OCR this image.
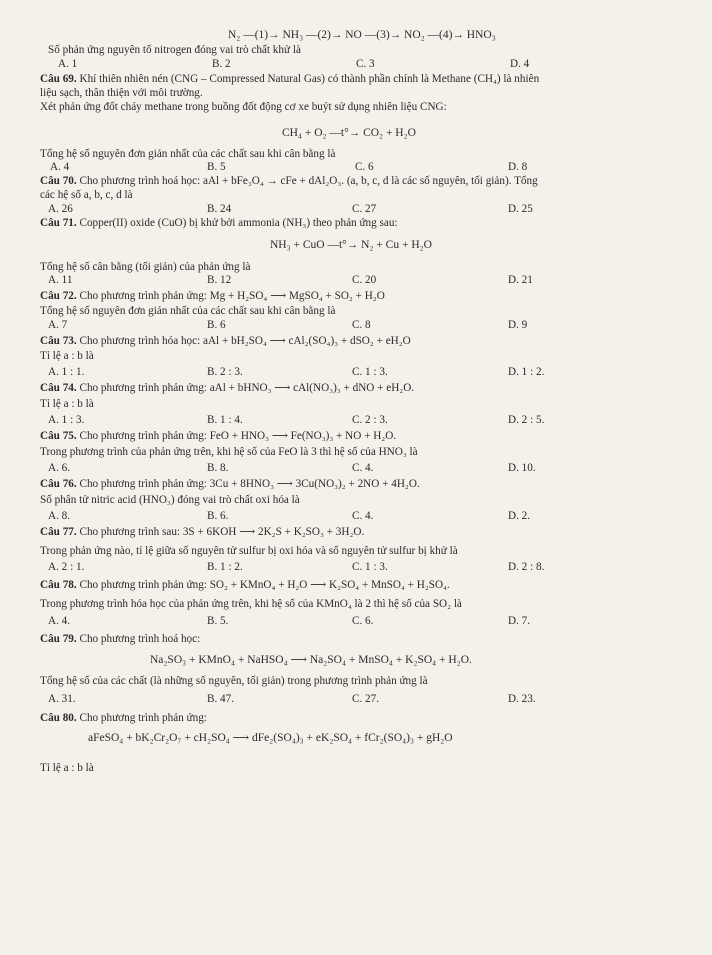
N₂ —(1)→ NH₃ —(2)→ NO —(3)→ NO₂ —(4)→ HNO₃
Số phản ứng nguyên tố nitrogen đóng vai trò chất khử là
A. 1	B. 2	C. 3	D. 4
Câu 69. Khí thiên nhiên nén (CNG – Compressed Natural Gas) có thành phần chính là Methane (CH₄) là nhiên
liệu sạch, thân thiện với môi trường.
Xét phản ứng đốt cháy methane trong buồng đốt động cơ xe buýt sử dụng nhiên liệu CNG:
CH₄ + O₂ —t°→ CO₂ + H₂O
Tổng hệ số nguyên đơn giản nhất của các chất sau khi cân bằng là
A. 4	B. 5	C. 6	D. 8
Câu 70. Cho phương trình hoá học: aAl + bFe₃O₄ → cFe + dAl₂O₃. (a, b, c, d là các số nguyên, tối giản). Tổng
các hệ số a, b, c, d là
A. 26	B. 24	C. 27	D. 25
Câu 71. Copper(II) oxide (CuO) bị khử bởi ammonia (NH₃) theo phản ứng sau:
NH₃ + CuO —t°→ N₂ + Cu + H₂O
Tổng hệ số cân bằng (tối giản) của phản ứng là
A. 11	B. 12	C. 20	D. 21
Câu 72. Cho phương trình phản ứng: Mg + H₂SO₄ ⟶ MgSO₄ + SO₂ + H₂O
Tổng hệ số nguyên đơn giản nhất của các chất sau khi cân bằng là
A. 7	B. 6	C. 8	D. 9
Câu 73. Cho phương trình hóa học: aAl + bH₂SO₄ ⟶ cAl₂(SO₄)₃ + dSO₂ + eH₂O
Tỉ lệ a : b là
A. 1 : 1.	B. 2 : 3.	C. 1 : 3.	D. 1 : 2.
Câu 74. Cho phương trình phản ứng: aAl + bHNO₃ ⟶ cAl(NO₃)₃ + dNO + eH₂O.
Tỉ lệ a : b là
A. 1 : 3.	B. 1 : 4.	C. 2 : 3.	D. 2 : 5.
Câu 75. Cho phương trình phản ứng: FeO + HNO₃ ⟶ Fe(NO₃)₃ + NO + H₂O.
Trong phương trình của phản ứng trên, khi hệ số của FeO là 3 thì hệ số của HNO₃ là
A. 6.	B. 8.	C. 4.	D. 10.
Câu 76. Cho phương trình phản ứng: 3Cu + 8HNO₃ ⟶ 3Cu(NO₃)₂ + 2NO + 4H₂O.
Số phân tử nitric acid (HNO₃) đóng vai trò chất oxi hóa là
A. 8.	B. 6.	C. 4.	D. 2.
Câu 77. Cho phương trình sau: 3S + 6KOH ⟶ 2K₂S + K₂SO₃ + 3H₂O.
Trong phản ứng nào, tỉ lệ giữa số nguyên tử sulfur bị oxi hóa và số nguyên tử sulfur bị khử là
A. 2 : 1.	B. 1 : 2.	C. 1 : 3.	D. 2 : 8.
Câu 78. Cho phương trình phản ứng: SO₂ + KMnO₄ + H₂O ⟶ K₂SO₄ + MnSO₄ + H₂SO₄.
Trong phương trình hóa học của phản ứng trên, khi hệ số của KMnO₄ là 2 thì hệ số của SO₂ là
A. 4.	B. 5.	C. 6.	D. 7.
Câu 79. Cho phương trình hoá học:
Na₂SO₃ + KMnO₄ + NaHSO₄ ⟶ Na₂SO₄ + MnSO₄ + K₂SO₄ + H₂O.
Tổng hệ số của các chất (là những số nguyên, tối giản) trong phương trình phản ứng là
A. 31.	B. 47.	C. 27.	D. 23.
Câu 80. Cho phương trình phản ứng:
aFeSO₄ + bK₂Cr₂O₇ + cH₂SO₄ ⟶ dFe₂(SO₄)₃ + eK₂SO₄ + fCr₂(SO₄)₃ + gH₂O
Tỉ lệ a : b là
